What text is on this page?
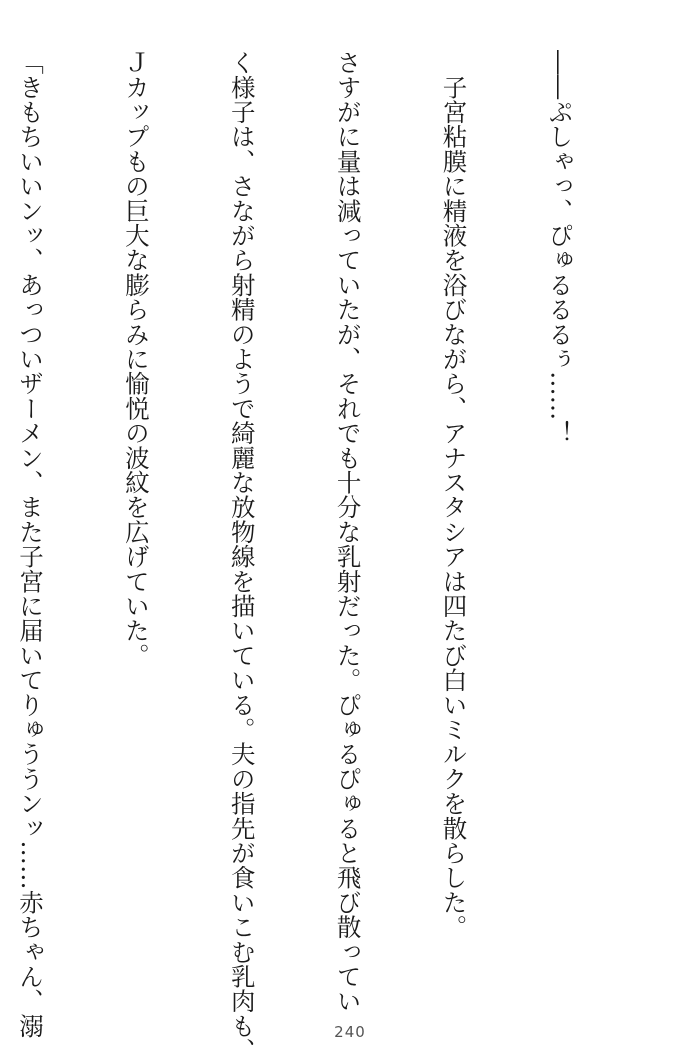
――ぷしゃっ、ぴゅるるるぅ……！

　子宮粘膜に精液を浴びながら、アナスタシアは四たび白いミルクを散らした。

さすがに量は減っていたが、それでも十分な乳射だった。ぴゅるぴゅると飛び散ってい

く様子は、さながら射精のようで綺麗な放物線を描いている。夫の指先が食いこむ乳肉も、

Ｊカップもの巨大な膨らみに愉悦の波紋を広げていた。

「きもちいいンッ、あっついザーメン、また子宮に届いてりゅううンッ……赤ちゃん、溺

	240
